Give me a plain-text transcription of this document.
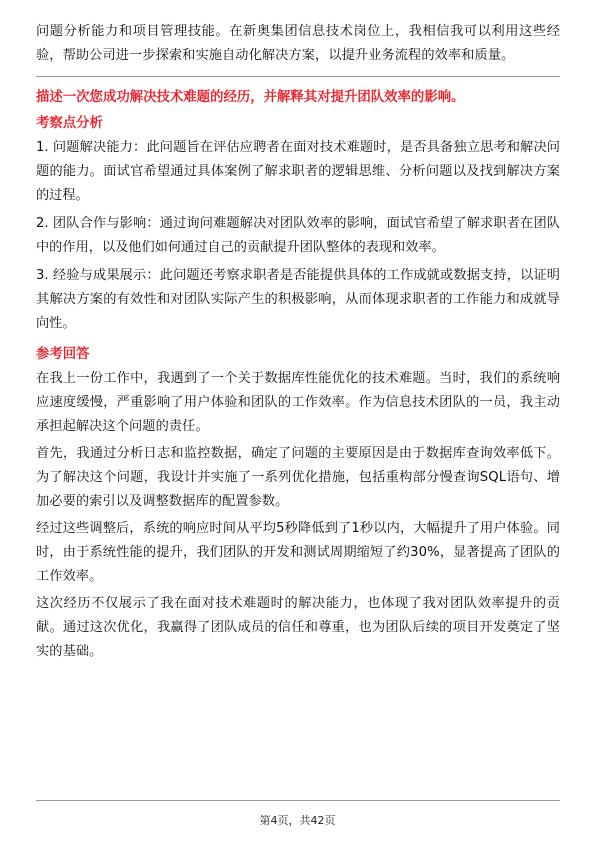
问题分析能力和项目管理技能。在新奥集团信息技术岗位上，我相信我可以利用这些经验，帮助公司进一步探索和实施自动化解决方案，以提升业务流程的效率和质量。

描述一次您成功解决技术难题的经历，并解释其对提升团队效率的影响。

考察点分析

1. 问题解决能力：此问题旨在评估应聘者在面对技术难题时，是否具备独立思考和解决问题的能力。面试官希望通过具体案例了解求职者的逻辑思维、分析问题以及找到解决方案的过程。

2. 团队合作与影响：通过询问难题解决对团队效率的影响，面试官希望了解求职者在团队中的作用，以及他们如何通过自己的贡献提升团队整体的表现和效率。

3. 经验与成果展示：此问题还考察求职者是否能提供具体的工作成就或数据支持，以证明其解决方案的有效性和对团队实际产生的积极影响，从而体现求职者的工作能力和成就导向性。

参考回答

在我上一份工作中，我遇到了一个关于数据库性能优化的技术难题。当时，我们的系统响应速度缓慢，严重影响了用户体验和团队的工作效率。作为信息技术团队的一员，我主动承担起解决这个问题的责任。

首先，我通过分析日志和监控数据，确定了问题的主要原因是由于数据库查询效率低下。为了解决这个问题，我设计并实施了一系列优化措施，包括重构部分慢查询SQL语句、增加必要的索引以及调整数据库的配置参数。

经过这些调整后，系统的响应时间从平均5秒降低到了1秒以内，大幅提升了用户体验。同时，由于系统性能的提升，我们团队的开发和测试周期缩短了约30%，显著提高了团队的工作效率。

这次经历不仅展示了我在面对技术难题时的解决能力，也体现了我对团队效率提升的贡献。通过这次优化，我赢得了团队成员的信任和尊重，也为团队后续的项目开发奠定了坚实的基础。

第4页，共42页
